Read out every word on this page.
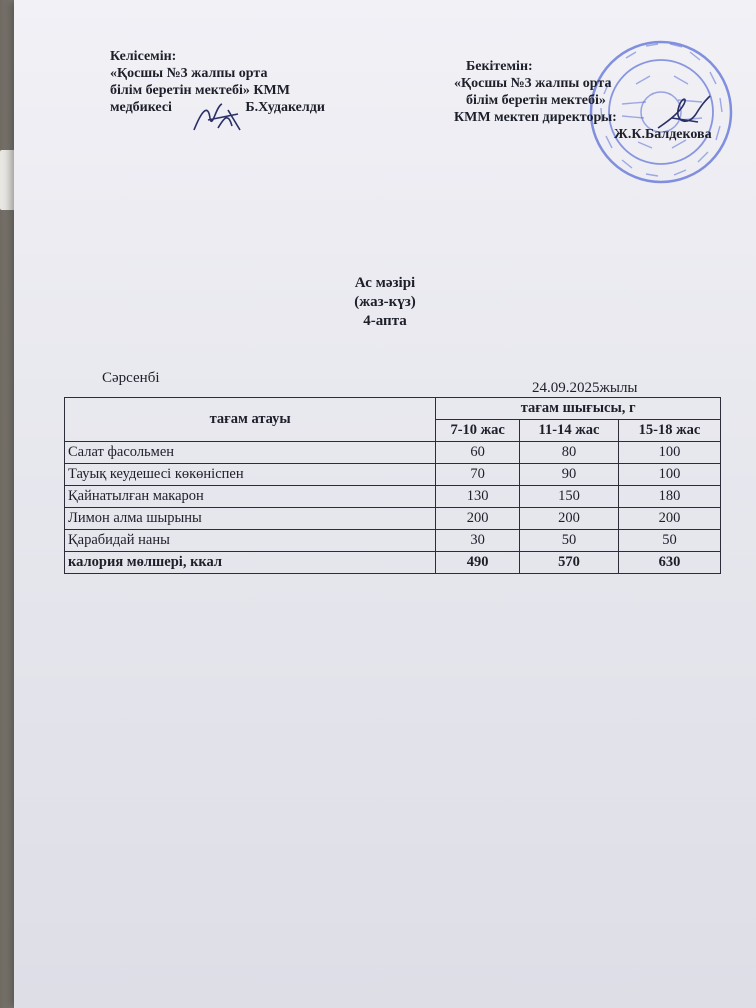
Келісемін:
«Қосшы №3 жалпы орта
білім беретін мектебі» КММ
медбикесі	Б.Худакелди
Бекітемін:
«Қосшы №3 жалпы орта
білім беретін мектебі»
КММ мектеп директоры:
Ж.К.Балдекова
Ас мәзірі
(жаз-күз)
4-апта
Сәрсенбі
24.09.2025жылы
тағам атауы	тағам шығысы, г		
	7-10 жас	11-14 жас	15-18 жас
Салат фасольмен	60	80	100
Тауық кеудешесі көкөніспен	70	90	100
Қайнатылған макарон	130	150	180
Лимон алма шырыны	200	200	200
Қарабидай наны	30	50	50
калория мөлшері, ккал	490	570	630
